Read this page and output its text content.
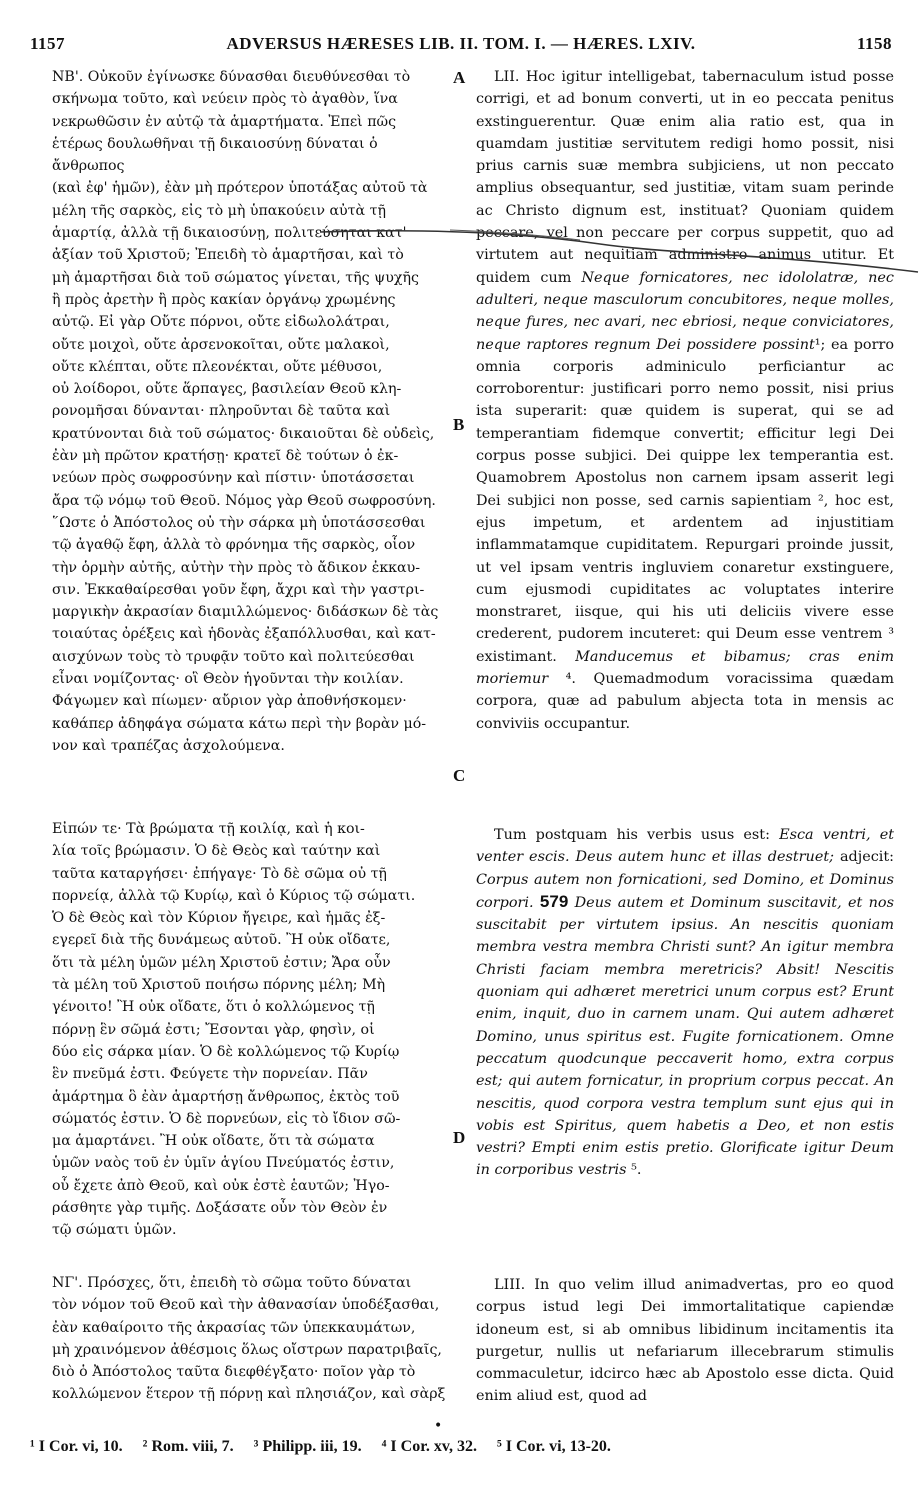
1157	ADVERSUS HÆRESES LIB. II. TOM. I. — HÆRES. LXIV.	1158

ΝΒ'. Οὐκοῦν ἐγίνωσκε δύνασθαι διευθύνεσθαι τὸ
σκήνωμα τοῦτο, καὶ νεύειν πρὸς τὸ ἀγαθὸν, ἵνα
νεκρωθῶσιν ἐν αὐτῷ τὰ ἁμαρτήματα. Ἐπεὶ πῶς
ἑτέρως δουλωθῆναι τῇ δικαιοσύνῃ δύναται ὁ ἄνθρωπος
(καὶ ἐφ' ἡμῶν), ἐὰν μὴ πρότερον ὑποτάξας αὐτοῦ τὰ
μέλη τῆς σαρκὸς, εἰς τὸ μὴ ὑπακούειν αὐτὰ τῇ
ἁμαρτίᾳ, ἀλλὰ τῇ δικαιοσύνῃ, πολιτεύσηται κατ'
ἀξίαν τοῦ Χριστοῦ; Ἐπειδὴ τὸ ἁμαρτῆσαι, καὶ τὸ
μὴ ἁμαρτῆσαι διὰ τοῦ σώματος γίνεται, τῆς ψυχῆς
ἢ πρὸς ἀρετὴν ἢ πρὸς κακίαν ὀργάνῳ χρωμένης
αὐτῷ. Εἰ γὰρ Οὔτε πόρνοι, οὔτε εἰδωλολάτραι,
οὔτε μοιχοὶ, οὔτε ἀρσενοκοῖται, οὔτε μαλακοὶ,
οὔτε κλέπται, οὔτε πλεονέκται, οὔτε μέθυσοι,
οὐ λοίδοροι, οὔτε ἅρπαγες, βασιλείαν Θεοῦ κλη-
ρονομῆσαι δύνανται· πληροῦνται δὲ ταῦτα καὶ
κρατύνονται διὰ τοῦ σώματος· δικαιοῦται δὲ οὐδεὶς,
ἐὰν μὴ πρῶτον κρατήσῃ· κρατεῖ δὲ τούτων ὁ ἐκ-
νεύων πρὸς σωφροσύνην καὶ πίστιν· ὑποτάσσεται
ἄρα τῷ νόμῳ τοῦ Θεοῦ. Νόμος γὰρ Θεοῦ σωφροσύνη.
῞Ωστε ὁ Ἀπόστολος οὐ τὴν σάρκα μὴ ὑποτάσσεσθαι
τῷ ἀγαθῷ ἔφη, ἀλλὰ τὸ φρόνημα τῆς σαρκὸς, οἷον
τὴν ὁρμὴν αὐτῆς, αὐτὴν τὴν πρὸς τὸ ἄδικον ἐκκαυ-
σιν. Ἐκκαθαίρεσθαι γοῦν ἔφη, ἄχρι καὶ τὴν γαστρι-
μαργικὴν ἀκρασίαν διαμιλλώμενος· διδάσκων δὲ τὰς
τοιαύτας ὀρέξεις καὶ ἡδονὰς ἐξαπόλλυσθαι, καὶ κατ-
αισχύνων τοὺς τὸ τρυφᾷν τοῦτο καὶ πολιτεύεσθαι
εἶναι νομίζοντας· οἳ Θεὸν ἡγοῦνται τὴν κοιλίαν.
Φάγωμεν καὶ πίωμεν· αὔριον γὰρ ἀποθνήσκομεν·
καθάπερ ἀδηφάγα σώματα κάτω περὶ τὴν βορὰν μό-
νον καὶ τραπέζας ἀσχολούμενα.

Εἰπών τε· Τὰ βρώματα τῇ κοιλίᾳ, καὶ ἡ κοι-
λία τοῖς βρώμασιν. Ὁ δὲ Θεὸς καὶ ταύτην καὶ
ταῦτα καταργήσει· ἐπήγαγε· Τὸ δὲ σῶμα οὐ τῇ
πορνείᾳ, ἀλλὰ τῷ Κυρίῳ, καὶ ὁ Κύριος τῷ σώματι.
Ὁ δὲ Θεὸς καὶ τὸν Κύριον ἤγειρε, καὶ ἡμᾶς ἐξ-
εγερεῖ διὰ τῆς δυνάμεως αὐτοῦ. Ἢ οὐκ οἴδατε,
ὅτι τὰ μέλη ὑμῶν μέλη Χριστοῦ ἐστιν; Ἄρα οὖν
τὰ μέλη τοῦ Χριστοῦ ποιήσω πόρνης μέλη; Μὴ
γένοιτο! Ἢ οὐκ οἴδατε, ὅτι ὁ κολλώμενος τῇ
πόρνῃ ἓν σῶμά ἐστι; Ἔσονται γὰρ, φησὶν, οἱ
δύο εἰς σάρκα μίαν. Ὁ δὲ κολλώμενος τῷ Κυρίῳ
ἓν πνεῦμά ἐστι. Φεύγετε τὴν πορνείαν. Πᾶν
ἁμάρτημα ὃ ἐὰν ἁμαρτήσῃ ἄνθρωπος, ἐκτὸς τοῦ
σώματός ἐστιν. Ὁ δὲ πορνεύων, εἰς τὸ ἴδιον σῶ-
μα ἁμαρτάνει. Ἢ οὐκ οἴδατε, ὅτι τὰ σώματα
ὑμῶν ναὸς τοῦ ἐν ὑμῖν ἁγίου Πνεύματός ἐστιν,
οὗ ἔχετε ἀπὸ Θεοῦ, καὶ οὐκ ἐστὲ ἑαυτῶν; Ἠγο-
ράσθητε γὰρ τιμῆς. Δοξάσατε οὖν τὸν Θεὸν ἐν
τῷ σώματι ὑμῶν.

ΝΓ'. Πρόσχες, ὅτι, ἐπειδὴ τὸ σῶμα τοῦτο δύναται
τὸν νόμον τοῦ Θεοῦ καὶ τὴν ἀθανασίαν ὑποδέξασθαι,
ἐὰν καθαίροιτο τῆς ἀκρασίας τῶν ὑπεκκαυμάτων,
μὴ χραινόμενον ἀθέσμοις ὅλως οἴστρων παρατριβαῖς,
διὸ ὁ Ἀπόστολος ταῦτα διεφθέγξατο· ποῖον γὰρ τὸ
κολλώμενον ἕτερον τῇ πόρνῃ καὶ πλησιάζον, καὶ σὰρξ

A
B
C
D

LII. Hoc igitur intelligebat, tabernaculum istud posse corrigi, et ad bonum converti, ut in eo peccata penitus exstinguerentur. Quæ enim alia ratio est, qua in quamdam justitiæ servitutem redigi homo possit, nisi prius carnis suæ membra subjiciens, ut non peccato amplius obsequantur, sed justitiæ, vitam suam perinde ac Christo dignum est, instituat? Quoniam quidem peccare, vel non peccare per corpus suppetit, quo ad virtutem aut nequitiam administro animus utitur. Et quidem cum Neque fornicatores, nec idololatræ, nec adulteri, neque masculorum concubitores, neque molles, neque fures, nec avari, nec ebriosi, neque conviciatores, neque raptores regnum Dei possidere possint¹; ea porro omnia corporis adminiculo perficiantur ac corroborentur: justificari porro nemo possit, nisi prius ista superarit: quæ quidem is superat, qui se ad temperantiam fidemque convertit; efficitur legi Dei corpus posse subjici. Dei quippe lex temperantia est. Quamobrem Apostolus non carnem ipsam asserit legi Dei subjici non posse, sed carnis sapientiam ², hoc est, ejus impetum, et ardentem ad injustitiam inflammatamque cupiditatem. Repurgari proinde jussit, ut vel ipsam ventris ingluviem conaretur exstinguere, cum ejusmodi cupiditates ac voluptates interire monstraret, iisque, qui his uti deliciis vivere esse crederent, pudorem incuteret: qui Deum esse ventrem ³ existimant. Manducemus et bibamus; cras enim moriemur ⁴. Quemadmodum voracissima quædam corpora, quæ ad pabulum abjecta tota in mensis ac conviviis occupantur.

Tum postquam his verbis usus est: Esca ventri, et venter escis. Deus autem hunc et illas destruet; adjecit: Corpus autem non fornicationi, sed Domino, et Dominus corpori. 579 Deus autem et Dominum suscitavit, et nos suscitabit per virtutem ipsius. An nescitis quoniam membra vestra membra Christi sunt? An igitur membra Christi faciam membra meretricis? Absit! Nescitis quoniam qui adhæret meretrici unum corpus est? Erunt enim, inquit, duo in carnem unam. Qui autem adhæret Domino, unus spiritus est. Fugite fornicationem. Omne peccatum quodcunque peccaverit homo, extra corpus est; qui autem fornicatur, in proprium corpus peccat. An nescitis, quod corpora vestra templum sunt ejus qui in vobis est Spiritus, quem habetis a Deo, et non estis vestri? Empti enim estis pretio. Glorificate igitur Deum in corporibus vestris ⁵.

LIII. In quo velim illud animadvertas, pro eo quod corpus istud legi Dei immortalitatique capiendæ idoneum est, si ab omnibus libidinum incitamentis ita purgetur, nullis ut nefariarum illecebrarum stimulis commaculetur, idcirco hæc ab Apostolo esse dicta. Quid enim aliud est, quod ad

•
¹ I Cor. vi, 10. ² Rom. viii, 7. ³ Philipp. iii, 19. ⁴ I Cor. xv, 32. ⁵ I Cor. vi, 13-20.
